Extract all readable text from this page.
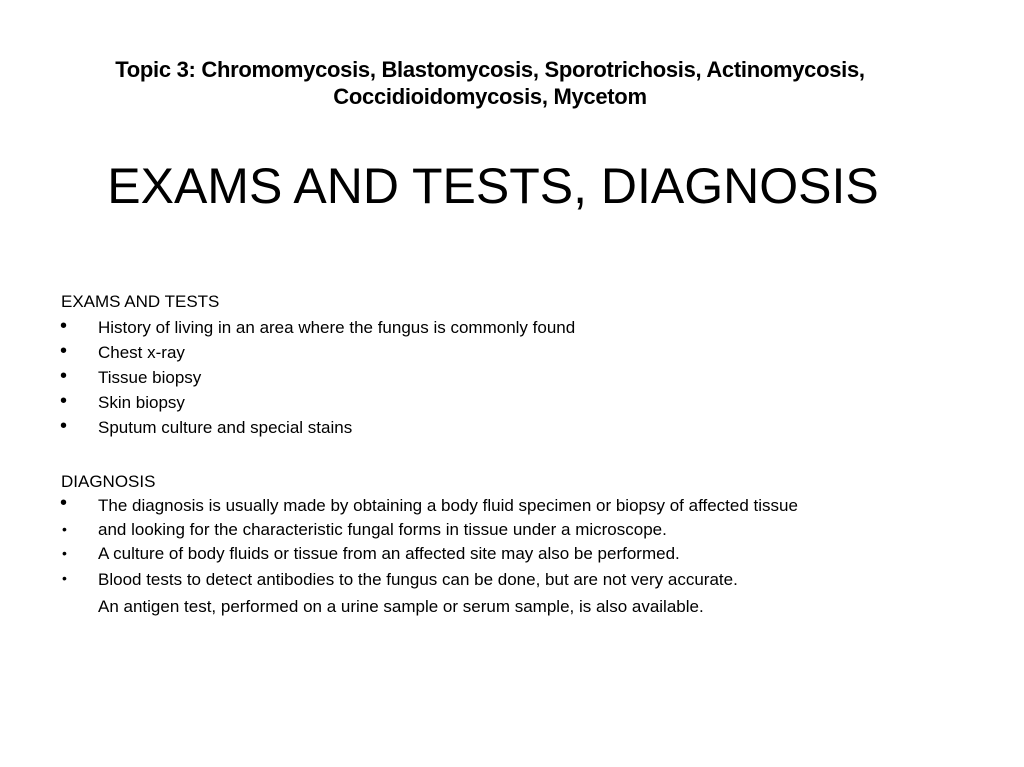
Topic 3: Chromomycosis, Blastomycosis, Sporotrichosis, Actinomycosis,
Coccidioidomycosis, Mycetom
EXAMS AND TESTS, DIAGNOSIS
EXAMS AND TESTS
• History of living in an area where the fungus is commonly found
• Chest x-ray
• Tissue biopsy
• Skin biopsy
• Sputum culture and special stains
DIAGNOSIS
• The diagnosis is usually made by obtaining a body fluid specimen or biopsy of affected tissue
• and looking for the characteristic fungal forms in tissue under a microscope.
• A culture of body fluids or tissue from an affected site may also be performed.
• Blood tests to detect antibodies to the fungus can be done, but are not very accurate.
An antigen test, performed on a urine sample or serum sample, is also available.
